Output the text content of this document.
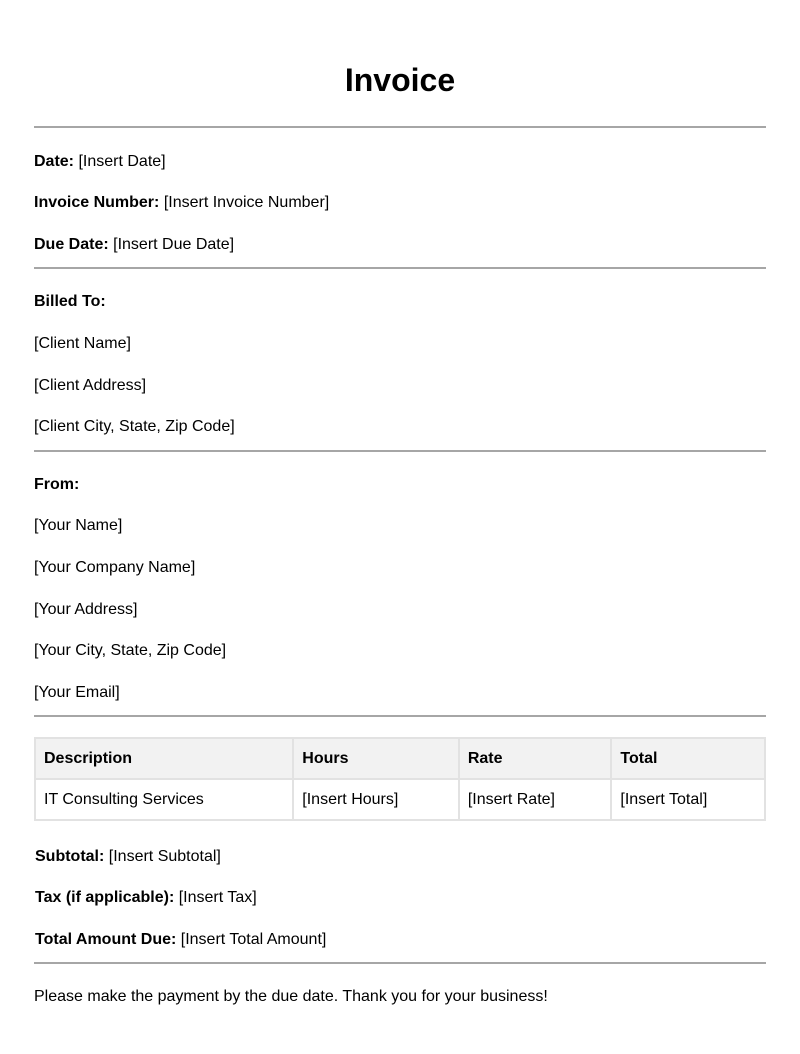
Invoice
Date: [Insert Date]
Invoice Number: [Insert Invoice Number]
Due Date: [Insert Due Date]
Billed To:
[Client Name]
[Client Address]
[Client City, State, Zip Code]
From:
[Your Name]
[Your Company Name]
[Your Address]
[Your City, State, Zip Code]
[Your Email]
Description	Hours	Rate	Total
IT Consulting Services	[Insert Hours]	[Insert Rate]	[Insert Total]
Subtotal: [Insert Subtotal]
Tax (if applicable): [Insert Tax]
Total Amount Due: [Insert Total Amount]
Please make the payment by the due date. Thank you for your business!
